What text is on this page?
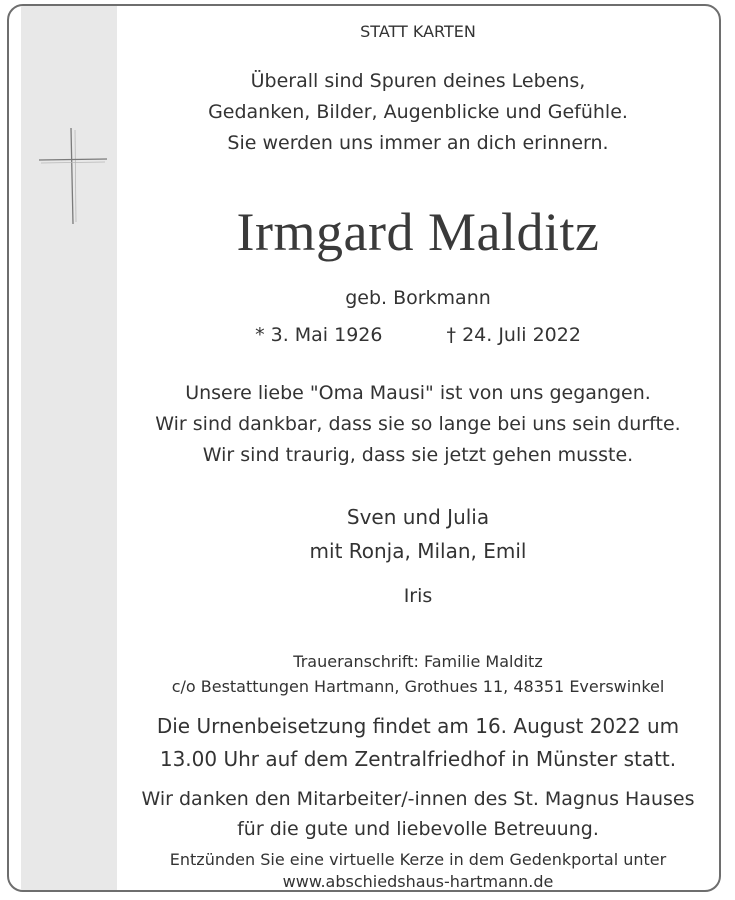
STATT KARTEN
Überall sind Spuren deines Lebens,
Gedanken, Bilder, Augenblicke und Gefühle.
Sie werden uns immer an dich erinnern.
Irmgard Malditz
geb. Borkmann
* 3. Mai 1926	† 24. Juli 2022
Unsere liebe "Oma Mausi" ist von uns gegangen.
Wir sind dankbar, dass sie so lange bei uns sein durfte.
Wir sind traurig, dass sie jetzt gehen musste.
Sven und Julia
mit Ronja, Milan, Emil
Iris
Traueranschrift: Familie Malditz
c/o Bestattungen Hartmann, Grothues 11, 48351 Everswinkel
Die Urnenbeisetzung findet am 16. August 2022 um
13.00 Uhr auf dem Zentralfriedhof in Münster statt.
Wir danken den Mitarbeiter/-innen des St. Magnus Hauses
für die gute und liebevolle Betreuung.
Entzünden Sie eine virtuelle Kerze in dem Gedenkportal unter
www.abschiedshaus-hartmann.de
